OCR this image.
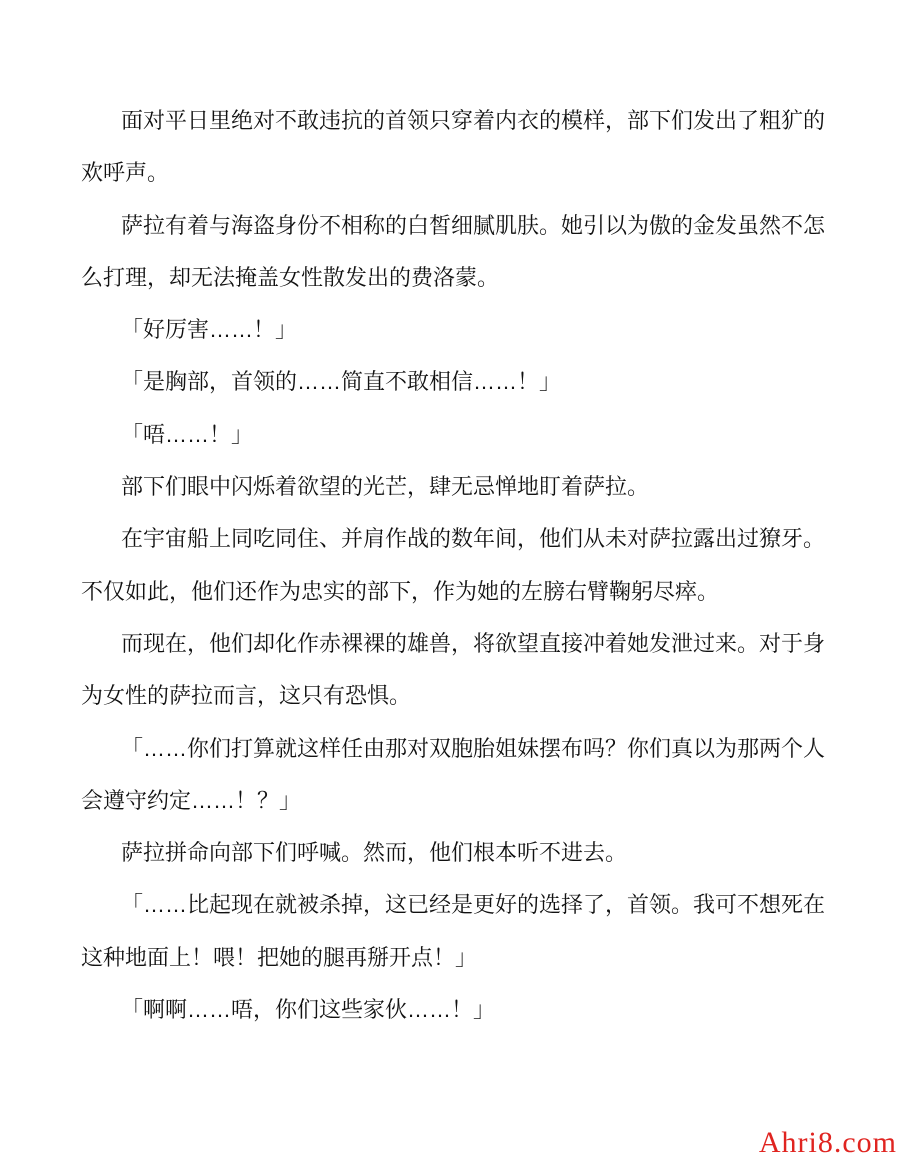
面对平日里绝对不敢违抗的首领只穿着内衣的模样，部下们发出了粗犷的
欢呼声。
萨拉有着与海盗身份不相称的白皙细腻肌肤。她引以为傲的金发虽然不怎
么打理，却无法掩盖女性散发出的费洛蒙。
「好厉害……！」
「是胸部，首领的……简直不敢相信……！」
「唔……！」
部下们眼中闪烁着欲望的光芒，肆无忌惮地盯着萨拉。
在宇宙船上同吃同住、并肩作战的数年间，他们从未对萨拉露出过獠牙。
不仅如此，他们还作为忠实的部下，作为她的左膀右臂鞠躬尽瘁。
而现在，他们却化作赤裸裸的雄兽，将欲望直接冲着她发泄过来。对于身
为女性的萨拉而言，这只有恐惧。
「……你们打算就这样任由那对双胞胎姐妹摆布吗？你们真以为那两个人
会遵守约定……！？」
萨拉拼命向部下们呼喊。然而，他们根本听不进去。
「……比起现在就被杀掉，这已经是更好的选择了，首领。我可不想死在
这种地面上！喂！把她的腿再掰开点！」
「啊啊……唔，你们这些家伙……！」
Ahri8.com
